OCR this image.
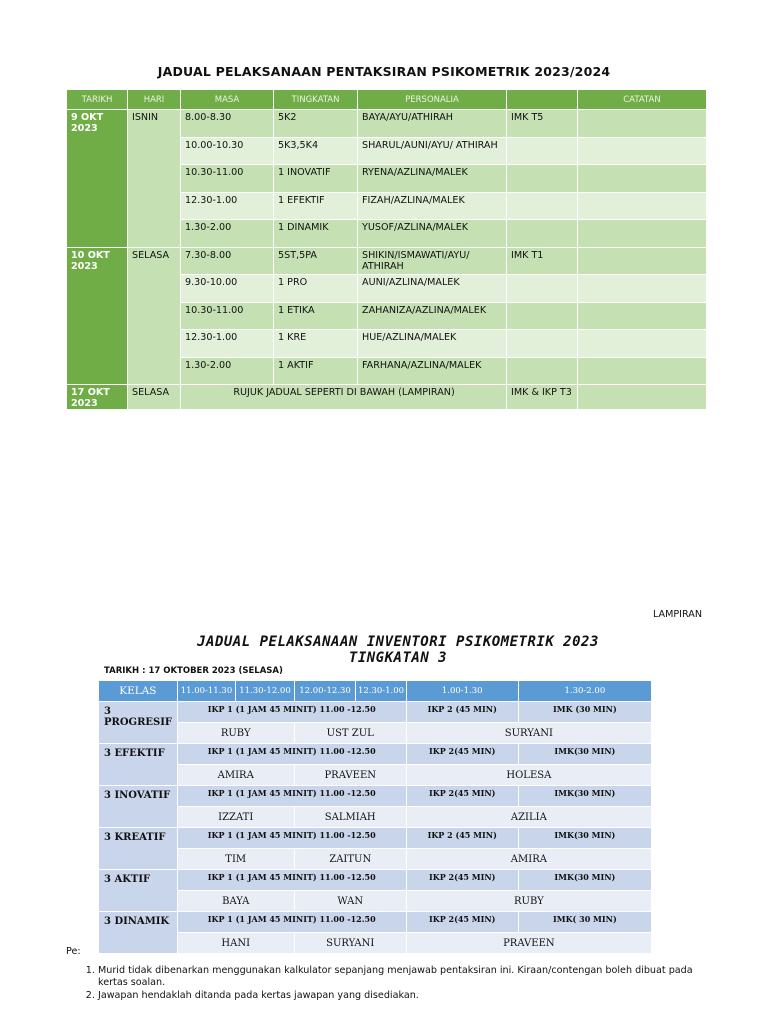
JADUAL PELAKSANAAN PENTAKSIRAN PSIKOMETRIK 2023/2024
TARIKH	HARI	MASA	TINGKATAN	PERSONALIA		CATATAN
9 OKT 2023	ISNIN	8.00-8.30	5K2	BAYA/AYU/ATHIRAH	IMK T5	
		10.00-10.30	5K3,5K4	SHARUL/AUNI/AYU/ ATHIRAH		
		10.30-11.00	1 INOVATIF	RYENA/AZLINA/MALEK		
		12.30-1.00	1 EFEKTIF	FIZAH/AZLINA/MALEK		
		1.30-2.00	1 DINAMIK	YUSOF/AZLINA/MALEK		
10 OKT 2023	SELASA	7.30-8.00	5ST,5PA	SHIKIN/ISMAWATI/AYU/ ATHIRAH	IMK T1	
		9.30-10.00	1 PRO	AUNI/AZLINA/MALEK		
		10.30-11.00	1 ETIKA	ZAHANIZA/AZLINA/MALEK		
		12.30-1.00	1 KRE	HUE/AZLINA/MALEK		
		1.30-2.00	1 AKTIF	FARHANA/AZLINA/MALEK		
17 OKT 2023	SELASA	RUJUK JADUAL SEPERTI DI BAWAH (LAMPIRAN)			IMK & IKP T3	
LAMPIRAN
JADUAL PELAKSANAAN INVENTORI PSIKOMETRIK 2023
TINGKATAN 3
TARIKH : 17 OKTOBER 2023 (SELASA)
KELAS	11.00-11.30	11.30-12.00	12.00-12.30	12.30-1.00	1.00-1.30	1.30-2.00
3 PROGRESIF	IKP 1 (1 JAM 45 MINIT) 11.00 -12.50				IKP 2 (45 MIN)	IMK (30 MIN)
	RUBY		UST ZUL		SURYANI	
3 EFEKTIF	IKP 1 (1 JAM 45 MINIT) 11.00 -12.50				IKP 2(45 MIN)	IMK(30 MIN)
	AMIRA		PRAVEEN		HOLESA	
3 INOVATIF	IKP 1 (1 JAM 45 MINIT) 11.00 -12.50				IKP 2(45 MIN)	IMK(30 MIN)
	IZZATI		SALMIAH		AZILIA	
3 KREATIF	IKP 1 (1 JAM 45 MINIT) 11.00 -12.50				IKP 2 (45 MIN)	IMK(30 MIN)
	TIM		ZAITUN		AMIRA	
3 AKTIF	IKP 1 (1 JAM 45 MINIT) 11.00 -12.50				IKP 2(45 MIN)	IMK(30 MIN)
	BAYA		WAN		RUBY	
3 DINAMIK	IKP 1 (1 JAM 45 MINIT) 11.00 -12.50				IKP 2(45 MIN)	IMK( 30 MIN)
	HANI		SURYANI		PRAVEEN	
Pe:
1. Murid tidak dibenarkan menggunakan kalkulator sepanjang menjawab pentaksiran ini. Kiraan/contengan boleh dibuat pada kertas soalan.
2. Jawapan hendaklah ditanda pada kertas jawapan yang disediakan.
